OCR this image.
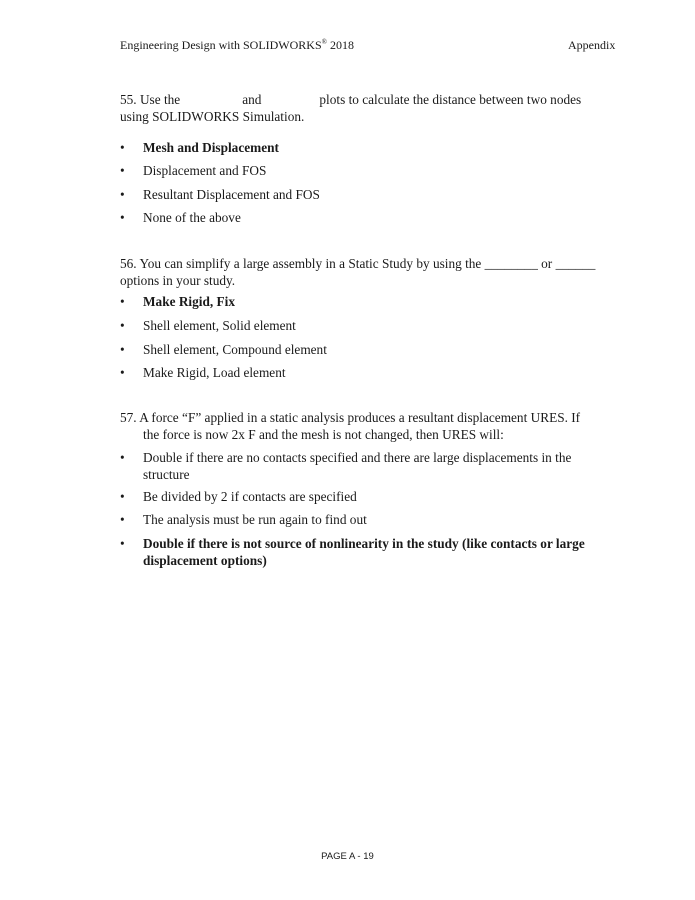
Engineering Design with SOLIDWORKS® 2018	Appendix
55. Use the	and	plots to calculate the distance between two nodes
using SOLIDWORKS Simulation.
•	Mesh and Displacement
•	Displacement and FOS
•	Resultant Displacement and FOS
•	None of the above
56. You can simplify a large assembly in a Static Study by using the ________ or ______
options in your study.
•	Make Rigid, Fix
•	Shell element, Solid element
•	Shell element, Compound element
•	Make Rigid, Load element
57. A force “F” applied in a static analysis produces a resultant displacement URES. If
the force is now 2x F and the mesh is not changed, then URES will:
•	Double if there are no contacts specified and there are large displacements in the structure
•	Be divided by 2 if contacts are specified
•	The analysis must be run again to find out
•	Double if there is not source of nonlinearity in the study (like contacts or large displacement options)
PAGE A - 19
